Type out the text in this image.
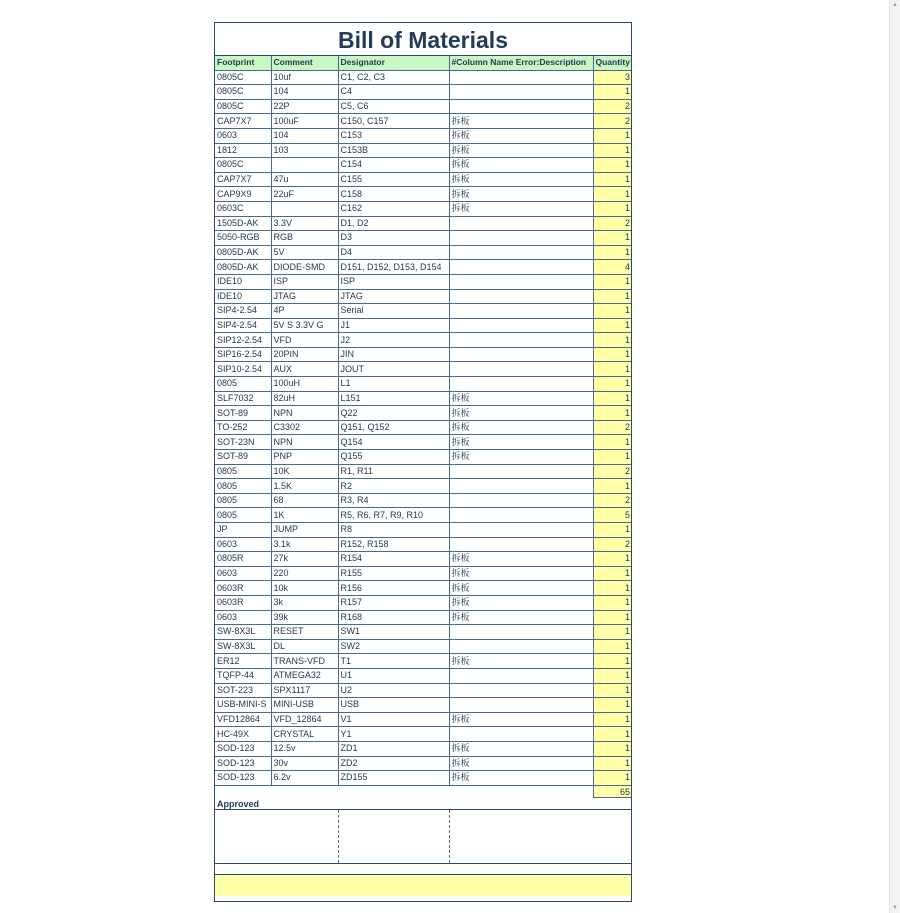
Bill of Materials
Footprint	Comment	Designator	#Column Name Error:Description	Quantity
0805C	10uf	C1, C2, C3		3
0805C	104	C4		1
0805C	22P	C5, C6		2
CAP7X7	100uF	C150, C157	拆板	2
0603	104	C153	拆板	1
1812	103	C153B	拆板	1
0805C		C154	拆板	1
CAP7X7	47u	C155	拆板	1
CAP9X9	22uF	C158	拆板	1
0603C		C162	拆板	1
1505D-AK	3.3V	D1, D2		2
5050-RGB	RGB	D3		1
0805D-AK	5V	D4		1
0805D-AK	DIODE-SMD	D151, D152, D153, D154		4
IDE10	ISP	ISP		1
IDE10	JTAG	JTAG		1
SIP4-2.54	4P	Serial		1
SIP4-2.54	5V S 3.3V G	J1		1
SIP12-2.54	VFD	J2		1
SIP16-2.54	20PIN	JIN		1
SIP10-2.54	AUX	JOUT		1
0805	100uH	L1		1
SLF7032	82uH	L151	拆板	1
SOT-89	NPN	Q22	拆板	1
TO-252	C3302	Q151, Q152	拆板	2
SOT-23N	NPN	Q154	拆板	1
SOT-89	PNP	Q155	拆板	1
0805	10K	R1, R11		2
0805	1.5K	R2		1
0805	68	R3, R4		2
0805	1K	R5, R6, R7, R9, R10		5
JP	JUMP	R8		1
0603	3.1k	R152, R158		2
0805R	27k	R154	拆板	1
0603	220	R155	拆板	1
0603R	10k	R156	拆板	1
0603R	3k	R157	拆板	1
0603	39k	R168	拆板	1
SW-8X3L	RESET	SW1		1
SW-8X3L	DL	SW2		1
ER12	TRANS-VFD	T1	拆板	1
TQFP-44	ATMEGA32	U1		1
SOT-223	SPX1117	U2		1
USB-MINI-S	MINI-USB	USB		1
VFD12864	VFD_12864	V1	拆板	1
HC-49X	CRYSTAL	Y1		1
SOD-123	12.5v	ZD1	拆板	1
SOD-123	30v	ZD2	拆板	1
SOD-123	6.2v	ZD155	拆板	1
65
Approved
▲
▼
